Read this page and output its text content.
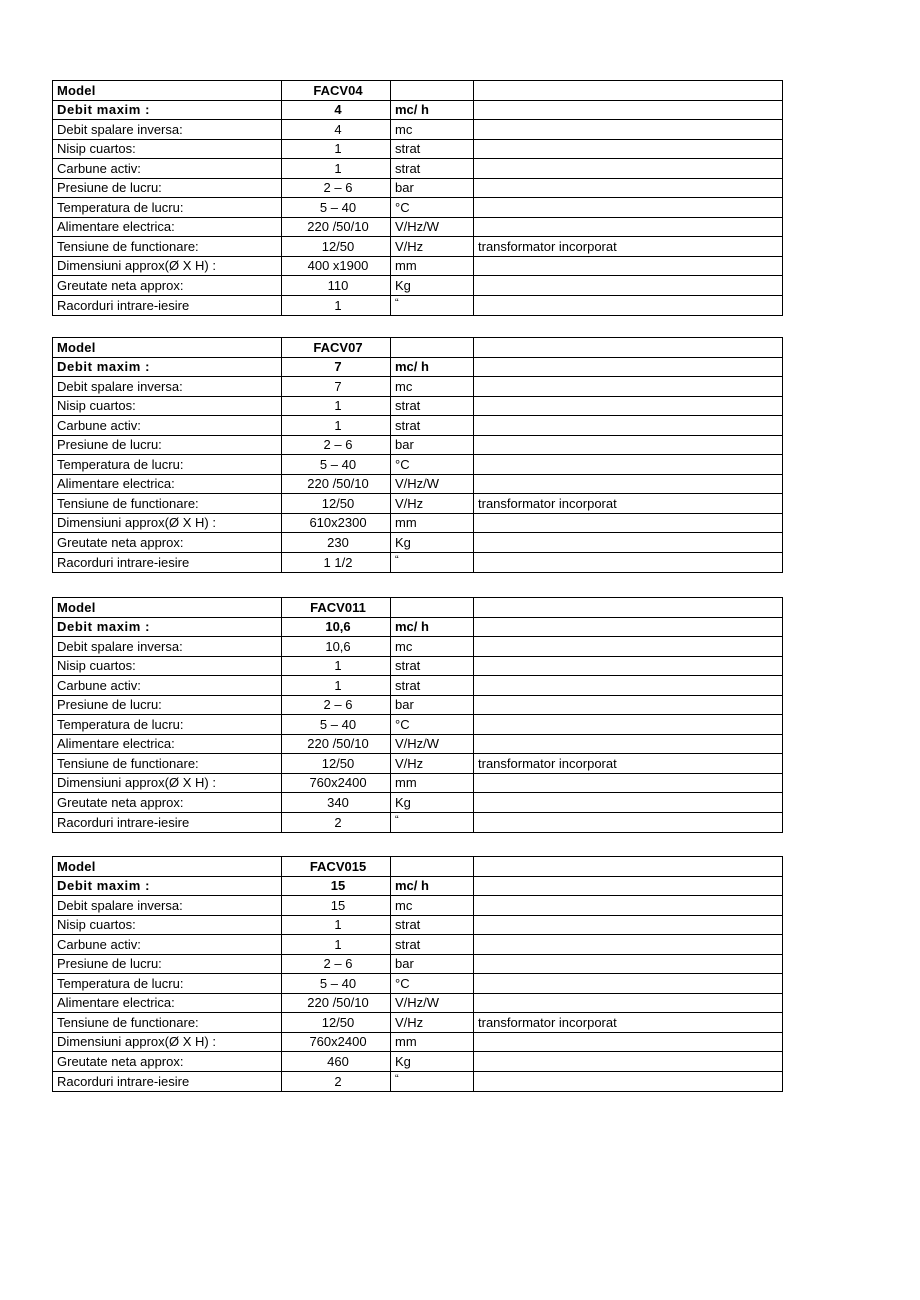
Model	FACV04		
Debit maxim :	4	mc/ h	
Debit spalare inversa:	4	mc	
Nisip cuartos:	1	strat	
Carbune activ:	1	strat	
Presiune de lucru:	2 – 6	bar	
Temperatura de lucru:	5 – 40	°C	
Alimentare electrica:	220 /50/10	V/Hz/W	
Tensiune de functionare:	12/50	V/Hz	transformator incorporat
Dimensiuni approx(Ø X H) :	400 x1900	mm	
Greutate neta approx:	110	Kg	
Racorduri intrare-iesire	1	“	
Model	FACV07		
Debit maxim :	7	mc/ h	
Debit spalare inversa:	7	mc	
Nisip cuartos:	1	strat	
Carbune activ:	1	strat	
Presiune de lucru:	2 – 6	bar	
Temperatura de lucru:	5 – 40	°C	
Alimentare electrica:	220 /50/10	V/Hz/W	
Tensiune de functionare:	12/50	V/Hz	transformator incorporat
Dimensiuni approx(Ø X H) :	610x2300	mm	
Greutate neta approx:	230	Kg	
Racorduri intrare-iesire	1 1/2	“	
Model	FACV011		
Debit maxim :	10,6	mc/ h	
Debit spalare inversa:	10,6	mc	
Nisip cuartos:	1	strat	
Carbune activ:	1	strat	
Presiune de lucru:	2 – 6	bar	
Temperatura de lucru:	5 – 40	°C	
Alimentare electrica:	220 /50/10	V/Hz/W	
Tensiune de functionare:	12/50	V/Hz	transformator incorporat
Dimensiuni approx(Ø X H) :	760x2400	mm	
Greutate neta approx:	340	Kg	
Racorduri intrare-iesire	2	“	
Model	FACV015		
Debit maxim :	15	mc/ h	
Debit spalare inversa:	15	mc	
Nisip cuartos:	1	strat	
Carbune activ:	1	strat	
Presiune de lucru:	2 – 6	bar	
Temperatura de lucru:	5 – 40	°C	
Alimentare electrica:	220 /50/10	V/Hz/W	
Tensiune de functionare:	12/50	V/Hz	transformator incorporat
Dimensiuni approx(Ø X H) :	760x2400	mm	
Greutate neta approx:	460	Kg	
Racorduri intrare-iesire	2	“	
